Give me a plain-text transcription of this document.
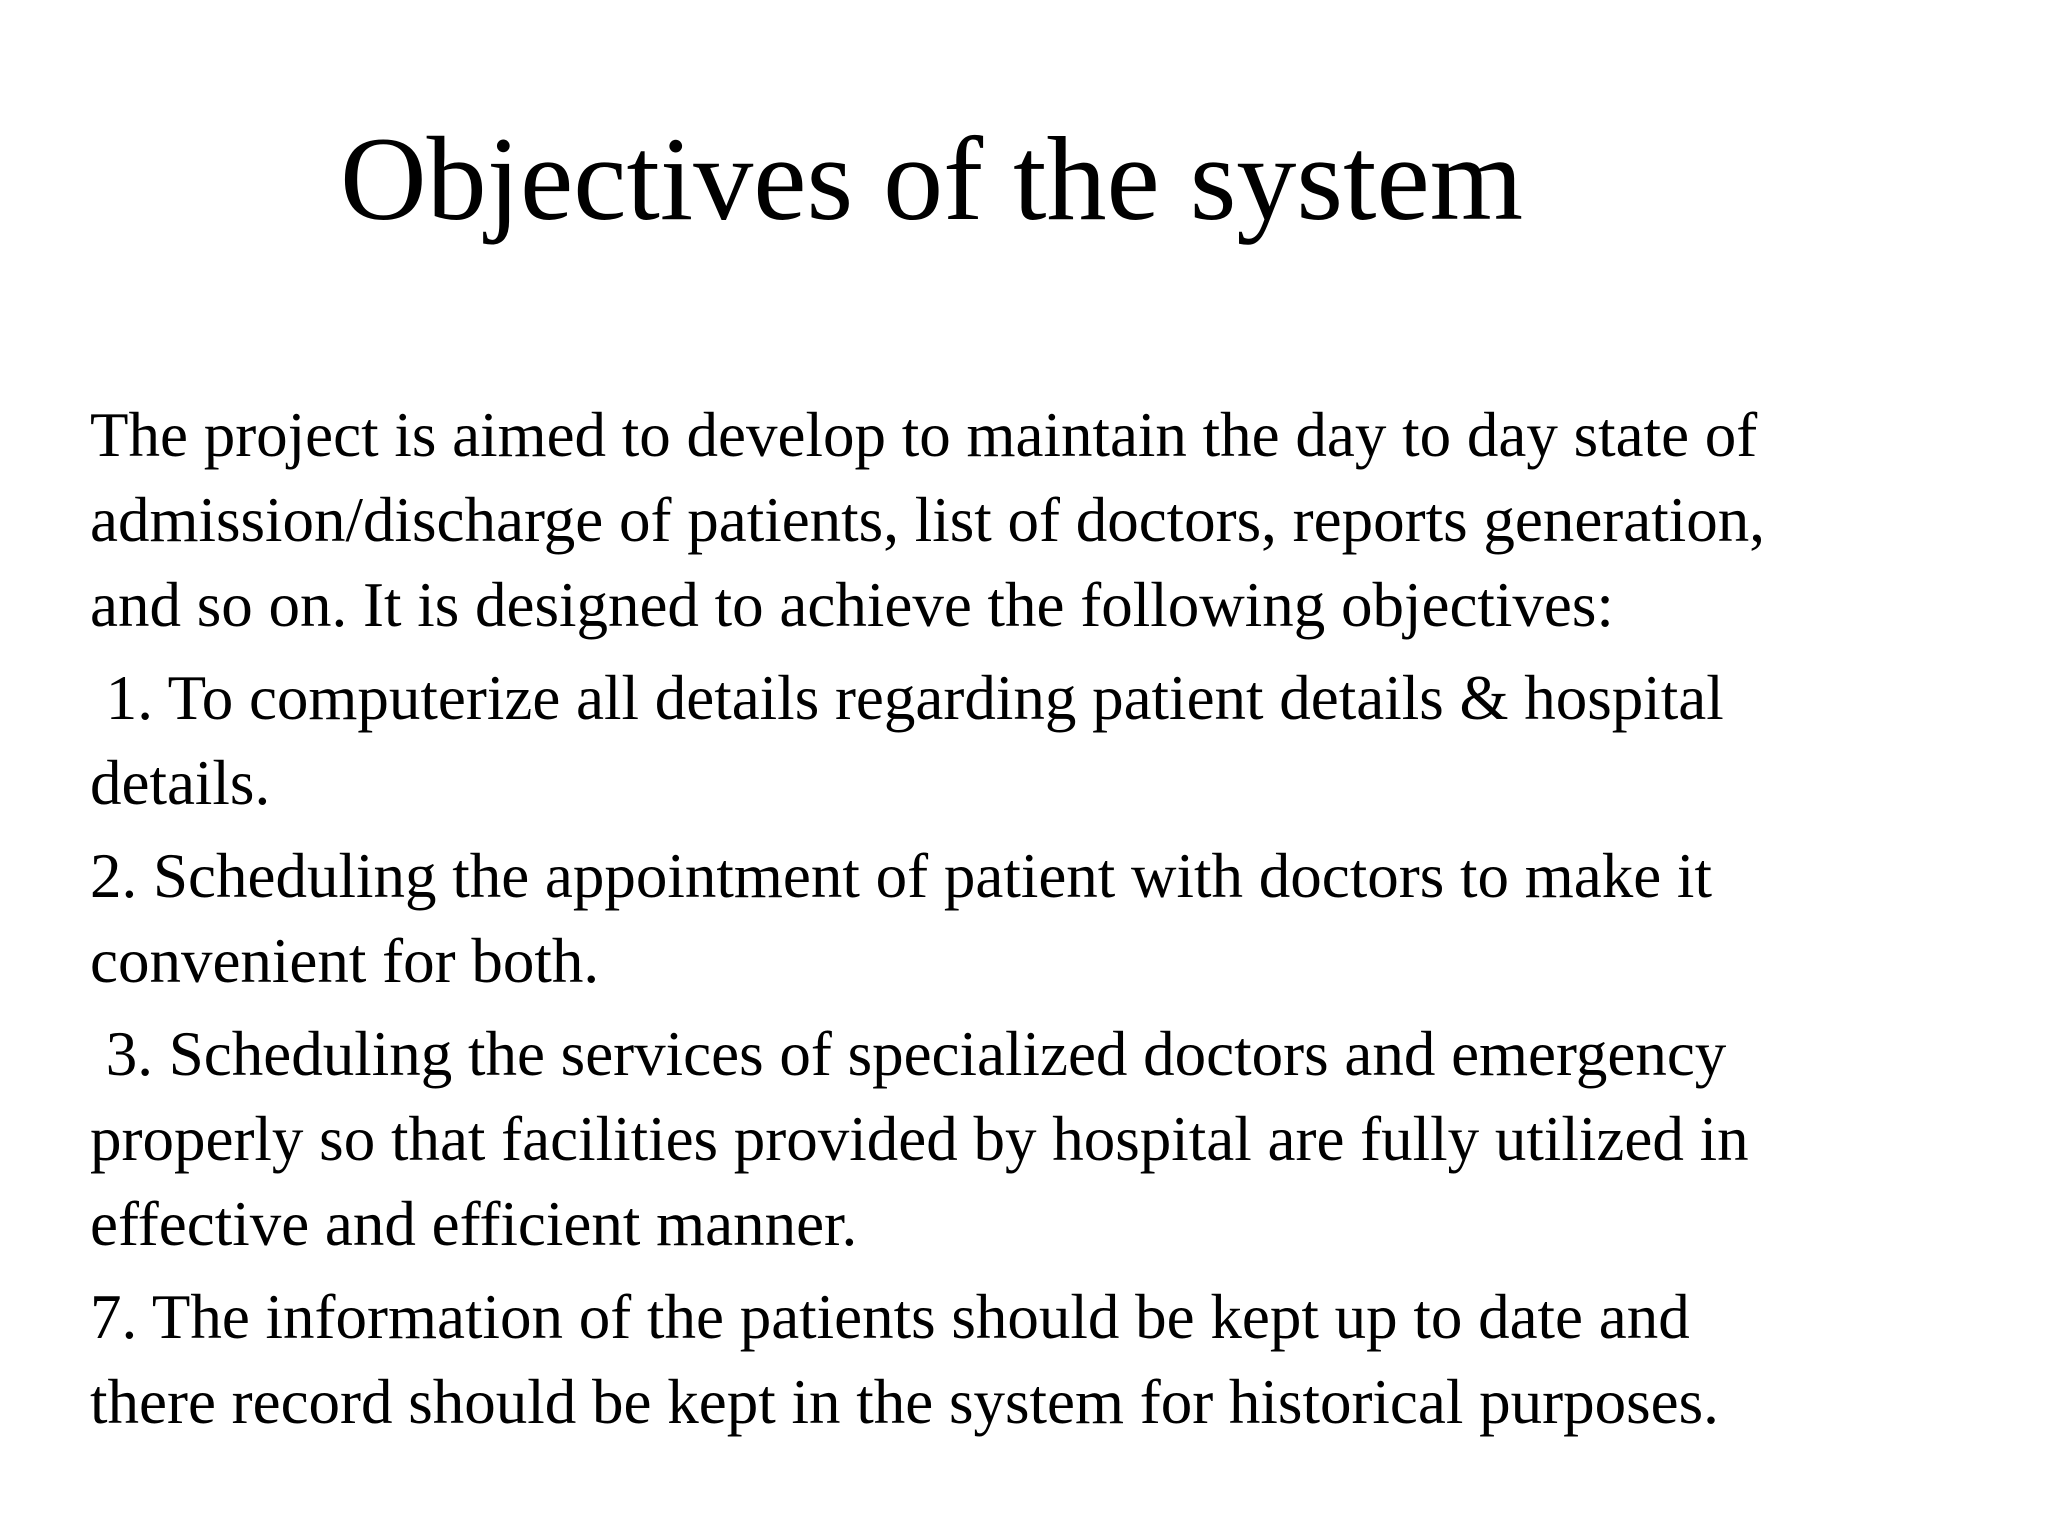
Objectives of the system

The project is aimed to develop to maintain the day to day state of
admission/discharge of patients, list of doctors, reports generation,
and so on. It is designed to achieve the following objectives:

1. To computerize all details regarding patient details & hospital
details.

2. Scheduling the appointment of patient with doctors to make it
convenient for both.

3. Scheduling the services of specialized doctors and emergency
properly so that facilities provided by hospital are fully utilized in
effective and efficient manner.

7. The information of the patients should be kept up to date and
there record should be kept in the system for historical purposes.
